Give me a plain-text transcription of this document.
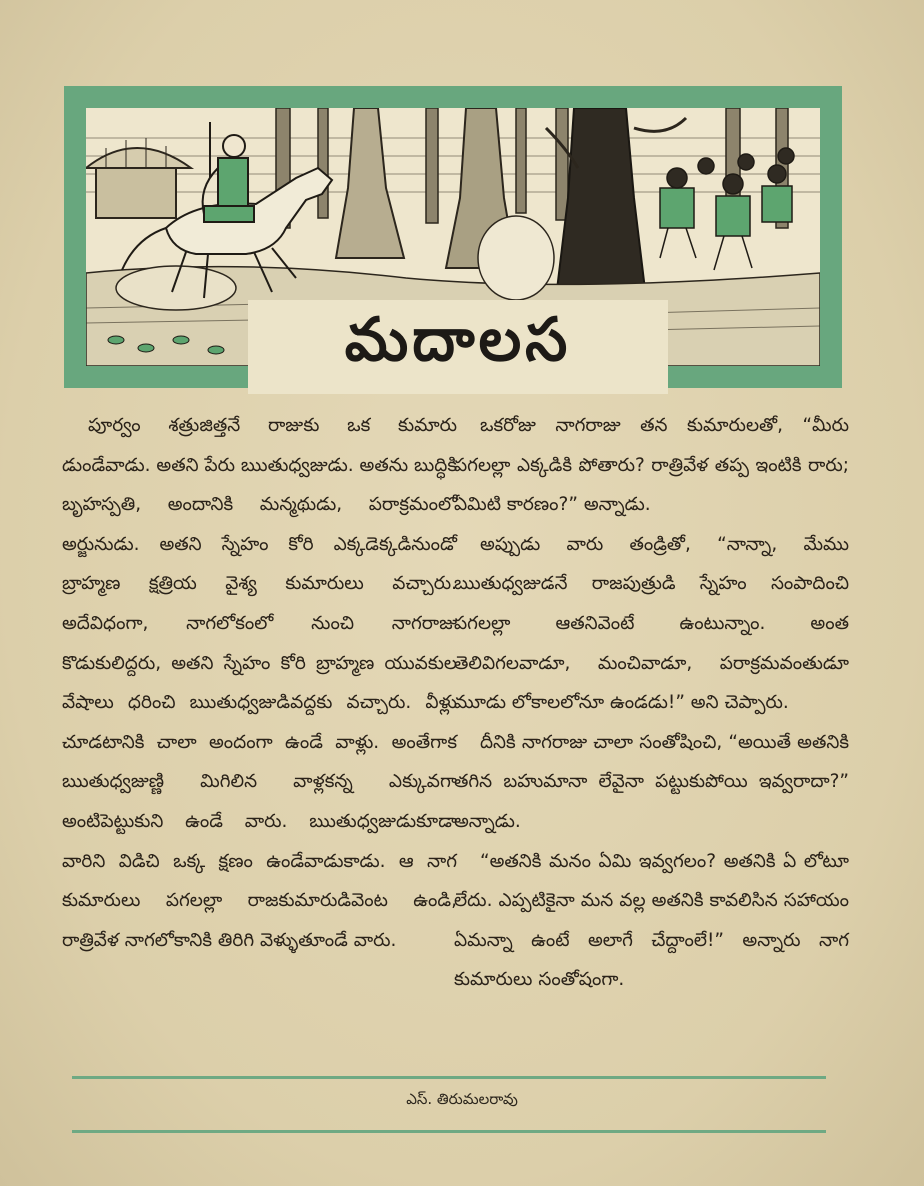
మదాలస

పూర్వం శత్రుజిత్తనే రాజుకు ఒక కుమారు డుండేవాడు. అతని పేరు ఋతుధ్వజుడు. అతను బుద్ధికి బృహస్పతి, అందానికి మన్మథుడు, పరాక్రమంలో అర్జునుడు. అతని స్నేహం కోరి ఎక్కడెక్కడినుండో బ్రాహ్మణ క్షత్రియ వైశ్య కుమారులు వచ్చారు. అదేవిధంగా, నాగలోకంలో నుంచి నాగరాజు కొడుకులిద్దరు, అతని స్నేహం కోరి బ్రాహ్మణ యువకుల వేషాలు ధరించి ఋతుధ్వజుడివద్దకు వచ్చారు. వీళ్లు చూడటానికి చాలా అందంగా ఉండే వాళ్లు. అంతేగాక ఋతుధ్వజుణ్ణి మిగిలిన వాళ్లకన్న ఎక్కువగా అంటిపెట్టుకుని ఉండే వారు. ఋతుధ్వజుడుకూడా వారిని విడిచి ఒక్క క్షణం ఉండేవాడుకాడు. ఆ నాగ కుమారులు పగలల్లా రాజకుమారుడివెంట ఉండి, రాత్రివేళ నాగలోకానికి తిరిగి వెళ్ళుతూండే వారు.

ఒకరోజు నాగరాజు తన కుమారులతో, “మీరు పగలల్లా ఎక్కడికి పోతారు? రాత్రివేళ తప్ప ఇంటికి రారు; ఏమిటి కారణం?” అన్నాడు.

అప్పుడు వారు తండ్రితో, “నాన్నా, మేము ఋతుధ్వజుడనే రాజపుత్రుడి స్నేహం సంపాదించి పగలల్లా ఆతనివెంటే ఉంటున్నాం. అంత తెలివిగలవాడూ, మంచివాడూ, పరాక్రమవంతుడూ మూడు లోకాలలోనూ ఉండడు!” అని చెప్పారు.

దీనికి నాగరాజు చాలా సంతోషించి, “అయితే అతనికి తగిన బహుమానా లేవైనా పట్టుకుపోయి ఇవ్వరాదా?” అన్నాడు.

“అతనికి మనం ఏమి ఇవ్వగలం? అతనికి ఏ లోటూ లేదు. ఎప్పటికైనా మన వల్ల అతనికి కావలిసిన సహాయం ఏమన్నా ఉంటే అలాగే చేద్దాంలే!” అన్నారు నాగ కుమారులు సంతోషంగా.

ఎస్. తిరుమలరావు
